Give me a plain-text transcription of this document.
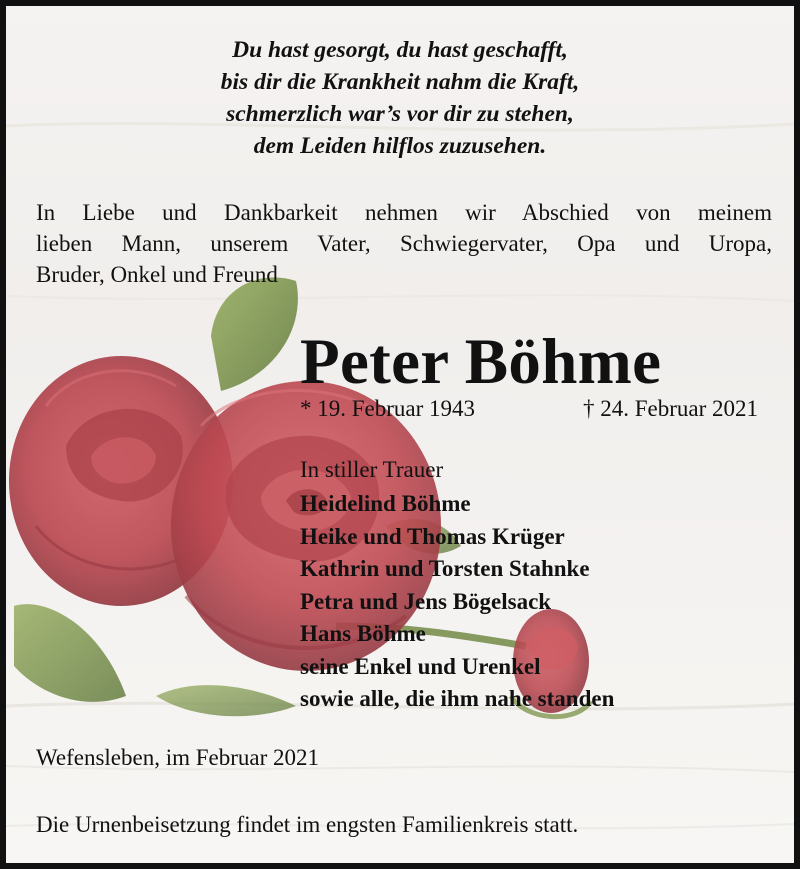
Du hast gesorgt, du hast geschafft,
bis dir die Krankheit nahm die Kraft,
schmerzlich war’s vor dir zu stehen,
dem Leiden hilflos zuzusehen.
In Liebe und Dankbarkeit nehmen wir Abschied von meinem
lieben Mann, unserem Vater, Schwiegervater, Opa und Uropa,
Bruder, Onkel und Freund
Peter Böhme
* 19. Februar 1943	† 24. Februar 2021
In stiller Trauer
Heidelind Böhme
Heike und Thomas Krüger
Kathrin und Torsten Stahnke
Petra und Jens Bögelsack
Hans Böhme
seine Enkel und Urenkel
sowie alle, die ihm nahe standen
Wefensleben, im Februar 2021
Die Urnenbeisetzung findet im engsten Familienkreis statt.
